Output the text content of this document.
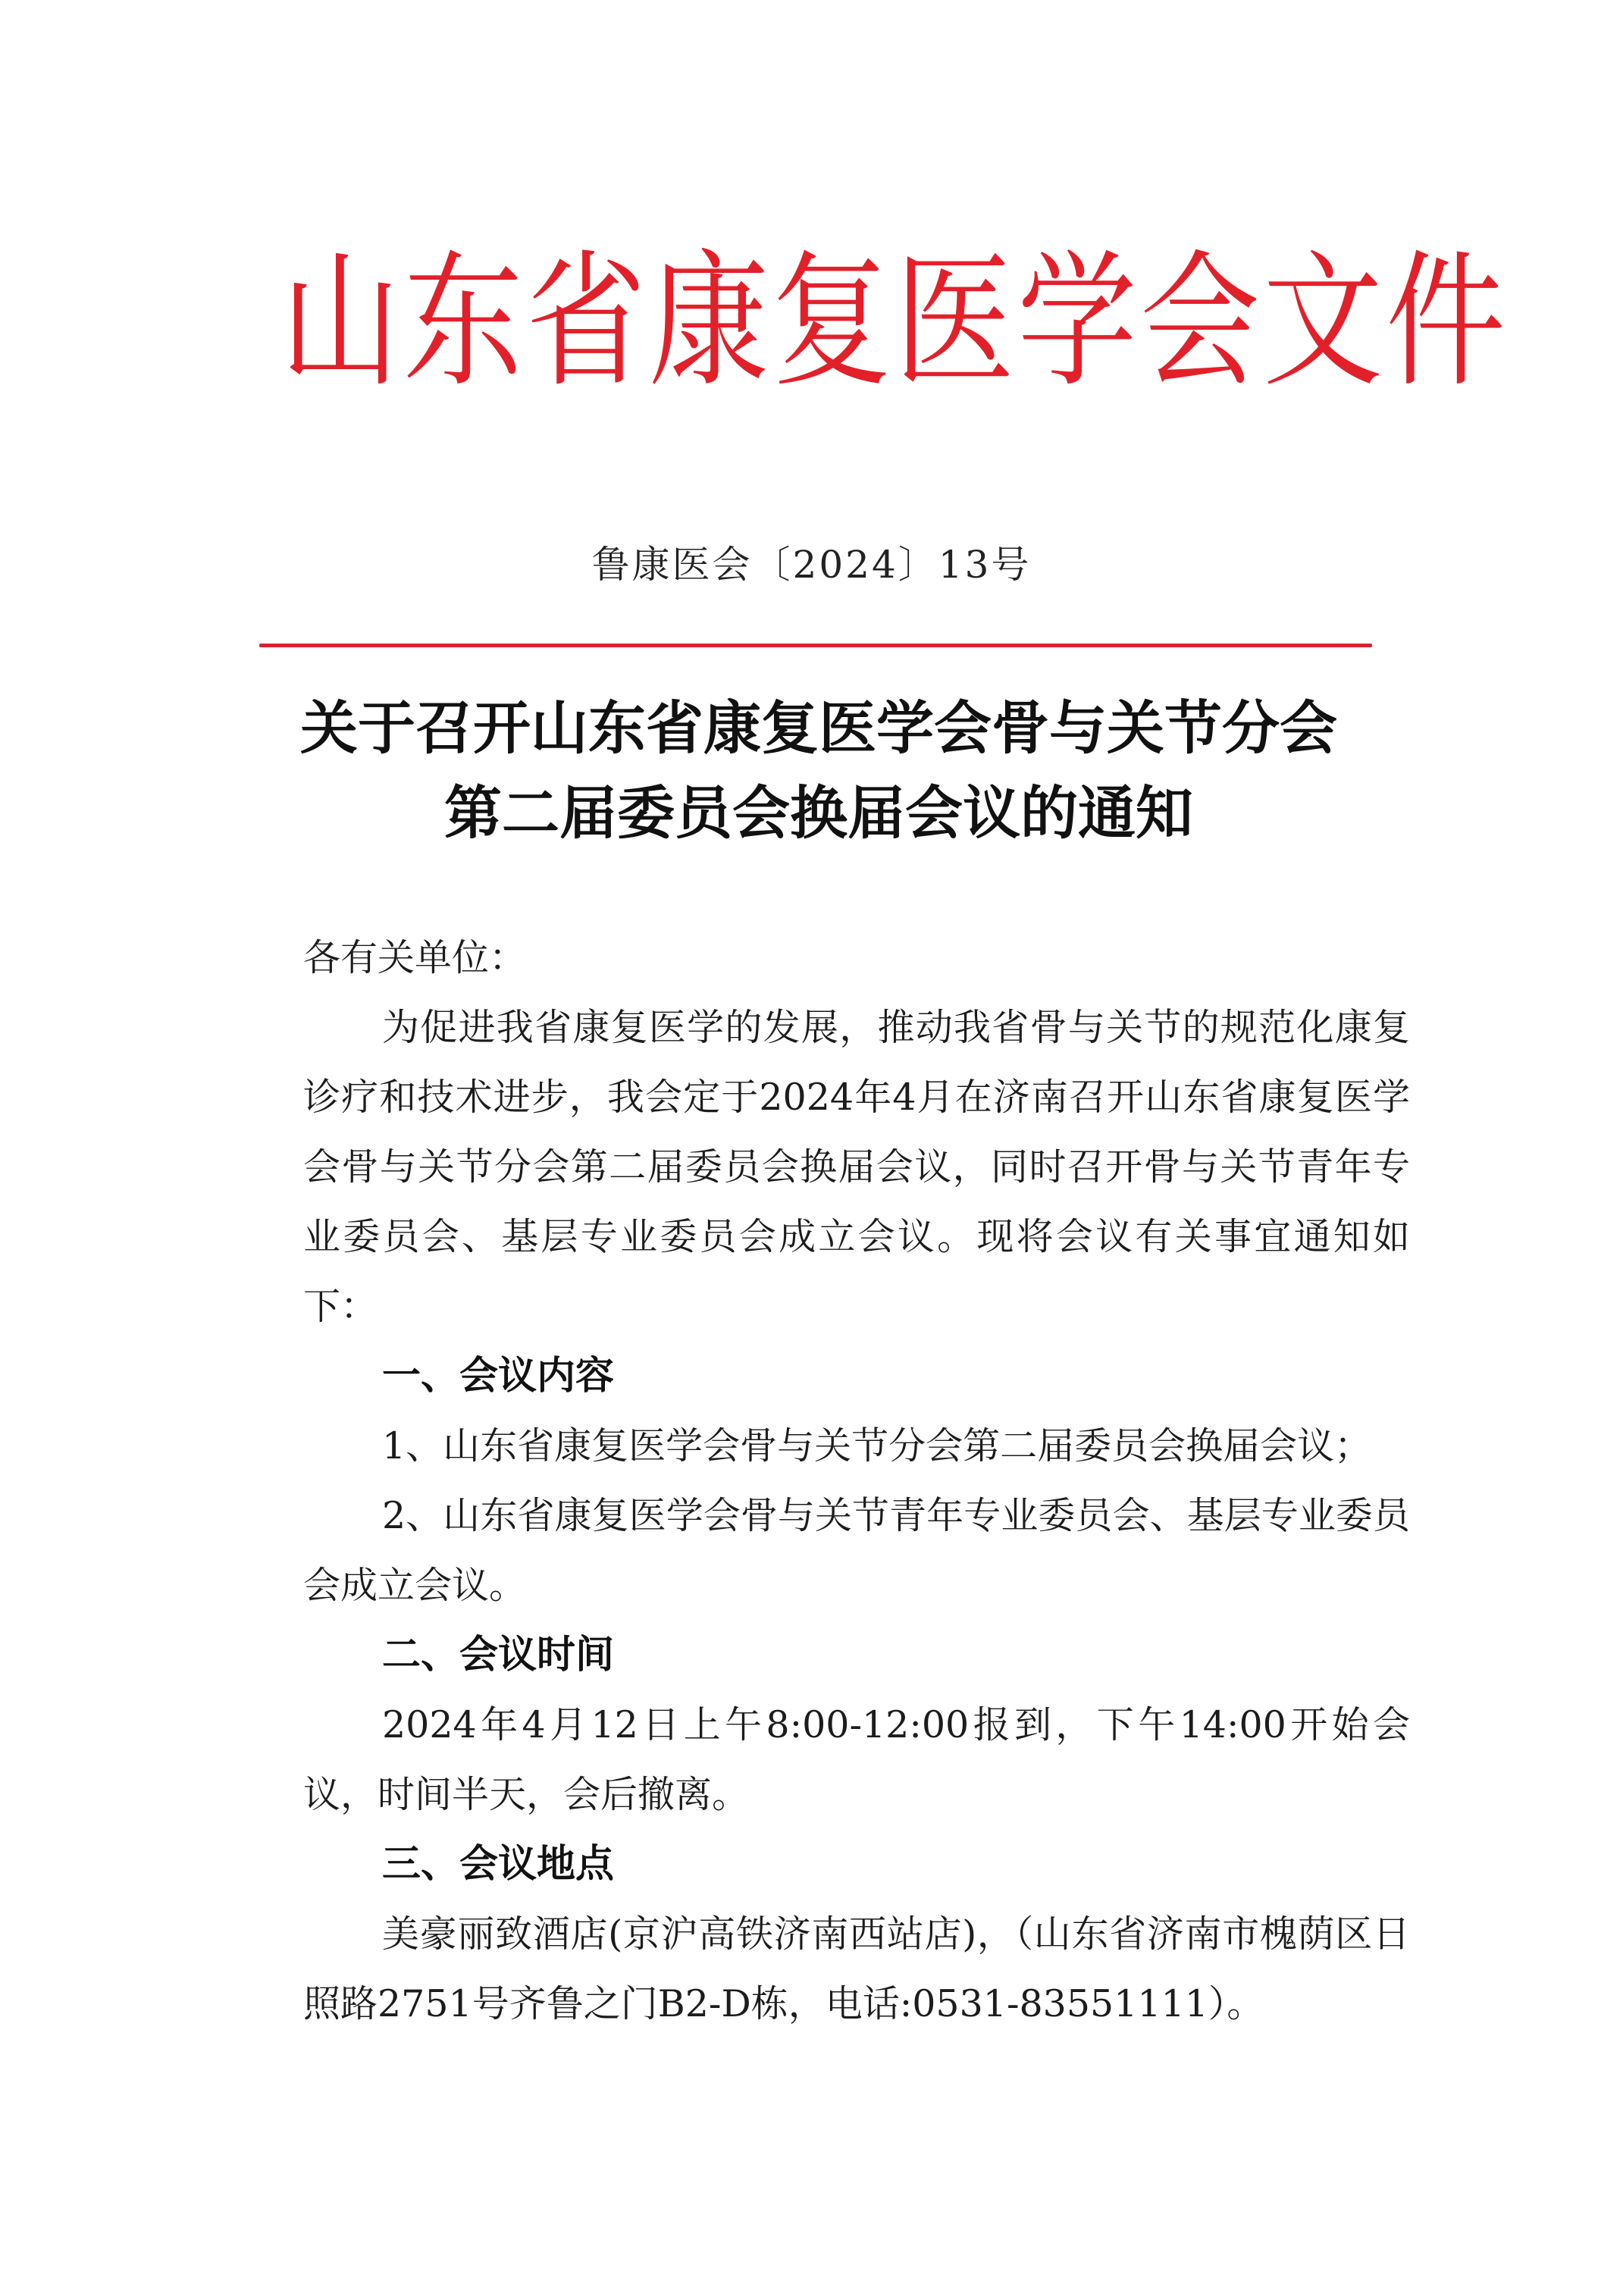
山东省康复医学会文件
鲁康医会〔2024〕13号
关于召开山东省康复医学会骨与关节分会
第二届委员会换届会议的通知

各有关单位：

为促进我省康复医学的发展，推动我省骨与关节的规范化康复诊疗和技术进步，我会定于2024年4月在济南召开山东省康复医学会骨与关节分会第二届委员会换届会议，同时召开骨与关节青年专业委员会、基层专业委员会成立会议。现将会议有关事宜通知如下：

一、会议内容

1、山东省康复医学会骨与关节分会第二届委员会换届会议；

2、山东省康复医学会骨与关节青年专业委员会、基层专业委员会成立会议。

二、会议时间

2024年4月12日上午8:00-12:00报到，下午14:00开始会议，时间半天，会后撤离。

三、会议地点

美豪丽致酒店(京沪高铁济南西站店)，（山东省济南市槐荫区日照路2751号齐鲁之门B2-D栋，电话:0531-83551111）。
